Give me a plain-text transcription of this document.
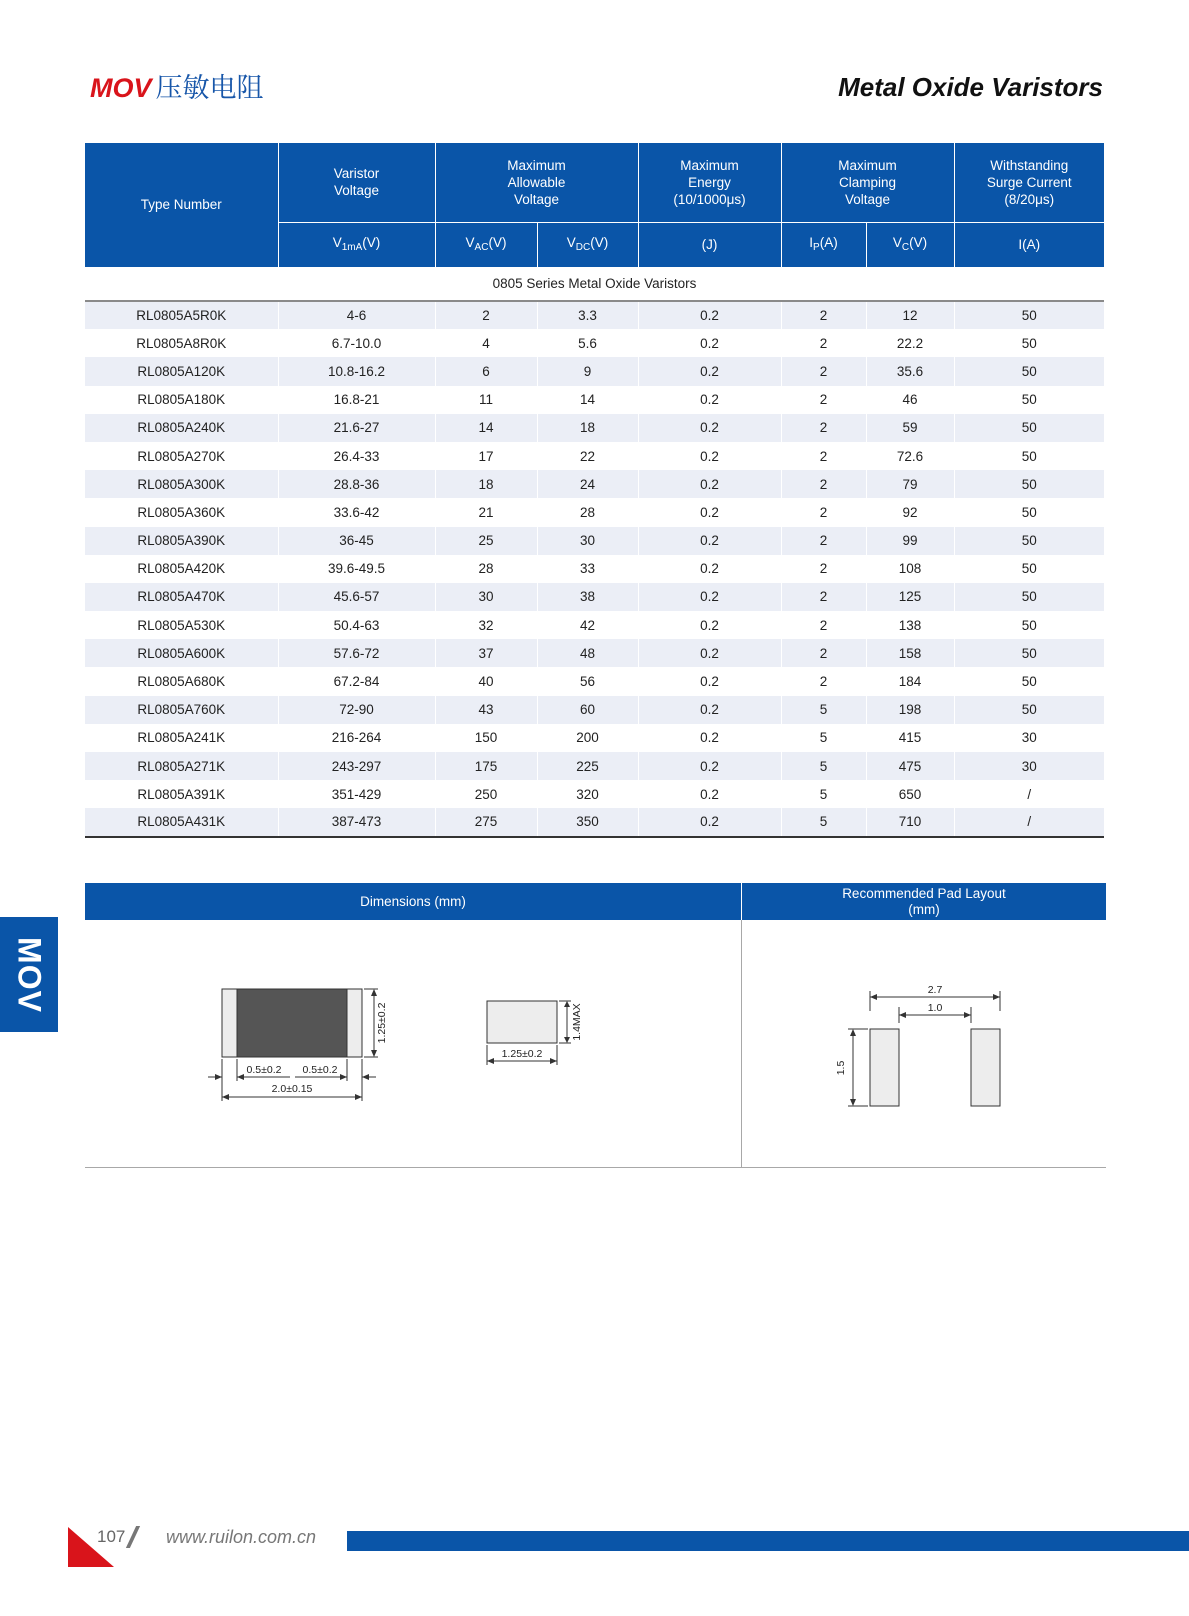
MOV 压敏电阻	Metal Oxide Varistors
MOV
Type Number	Varistor Voltage	Maximum Allowable Voltage		Maximum Energy (10/1000μs)	Maximum Clamping Voltage		Withstanding Surge Current (8/20μs)

	$V_{1mA}(V)$	$V_{AC}(V)$	$V_{DC}(V)$	(J)	$I_P(A)$	$V_C(V)$	I(A)
0805 Series Metal Oxide Varistors							
RL0805A5R0K	4-6	2	3.3	0.2	2	12	50
RL0805A8R0K	6.7-10.0	4	5.6	0.2	2	22.2	50
RL0805A120K	10.8-16.2	6	9	0.2	2	35.6	50
RL0805A180K	16.8-21	11	14	0.2	2	46	50
RL0805A240K	21.6-27	14	18	0.2	2	59	50
RL0805A270K	26.4-33	17	22	0.2	2	72.6	50
RL0805A300K	28.8-36	18	24	0.2	2	79	50
RL0805A360K	33.6-42	21	28	0.2	2	92	50
RL0805A390K	36-45	25	30	0.2	2	99	50
RL0805A420K	39.6-49.5	28	33	0.2	2	108	50
RL0805A470K	45.6-57	30	38	0.2	2	125	50
RL0805A530K	50.4-63	32	42	0.2	2	138	50
RL0805A600K	57.6-72	37	48	0.2	2	158	50
RL0805A680K	67.2-84	40	56	0.2	2	184	50
RL0805A760K	72-90	43	60	0.2	5	198	50
RL0805A241K	216-264	150	200	0.2	5	415	30
RL0805A271K	243-297	175	225	0.2	5	475	30
RL0805A391K	351-429	250	320	0.2	5	650	/
RL0805A431K	387-473	275	350	0.2	5	710	/
Dimensions (mm)
Recommended Pad Layout
(mm)
1.25±0.2
0.5±0.2 0.5±0.2
2.0±0.15
1.4MAX
1.25±0.2
2.7
1.0
1.5
107 www.ruilon.com.cn
